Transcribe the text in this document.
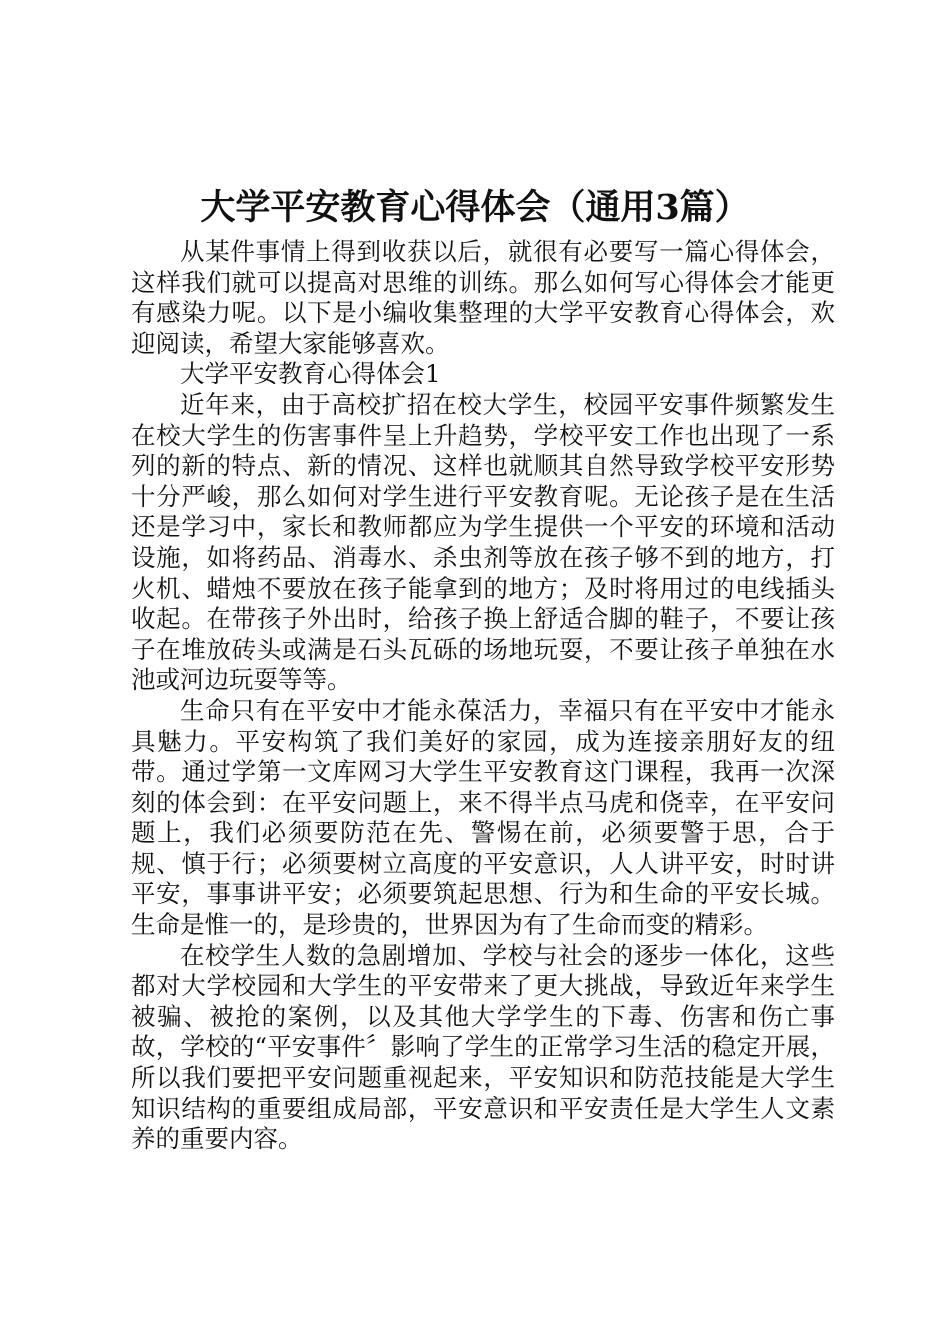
大学平安教育心得体会（通用3篇）

从某件事情上得到收获以后，就很有必要写一篇心得体会，这样我们就可以提高对思维的训练。那么如何写心得体会才能更有感染力呢。以下是小编收集整理的大学平安教育心得体会，欢迎阅读，希望大家能够喜欢。

大学平安教育心得体会1

近年来，由于高校扩招在校大学生，校园平安事件频繁发生在校大学生的伤害事件呈上升趋势，学校平安工作也出现了一系列的新的特点、新的情况、这样也就顺其自然导致学校平安形势十分严峻，那么如何对学生进行平安教育呢。无论孩子是在生活还是学习中，家长和教师都应为学生提供一个平安的环境和活动设施，如将药品、消毒水、杀虫剂等放在孩子够不到的地方，打火机、蜡烛不要放在孩子能拿到的地方；及时将用过的电线插头收起。在带孩子外出时，给孩子换上舒适合脚的鞋子，不要让孩子在堆放砖头或满是石头瓦砾的场地玩耍，不要让孩子单独在水池或河边玩耍等等。

生命只有在平安中才能永葆活力，幸福只有在平安中才能永具魅力。平安构筑了我们美好的家园，成为连接亲朋好友的纽带。通过学第一文库网习大学生平安教育这门课程，我再一次深刻的体会到：在平安问题上，来不得半点马虎和侥幸，在平安问题上，我们必须要防范在先、警惕在前，必须要警于思，合于规、慎于行；必须要树立高度的平安意识，人人讲平安，时时讲平安，事事讲平安；必须要筑起思想、行为和生命的平安长城。生命是惟一的，是珍贵的，世界因为有了生命而变的精彩。

在校学生人数的急剧增加、学校与社会的逐步一体化，这些都对大学校园和大学生的平安带来了更大挑战，导致近年来学生被骗、被抢的案例，以及其他大学学生的下毒、伤害和伤亡事故，学校的“平安事件〞影响了学生的正常学习生活的稳定开展，所以我们要把平安问题重视起来，平安知识和防范技能是大学生知识结构的重要组成局部，平安意识和平安责任是大学生人文素养的重要内容。
